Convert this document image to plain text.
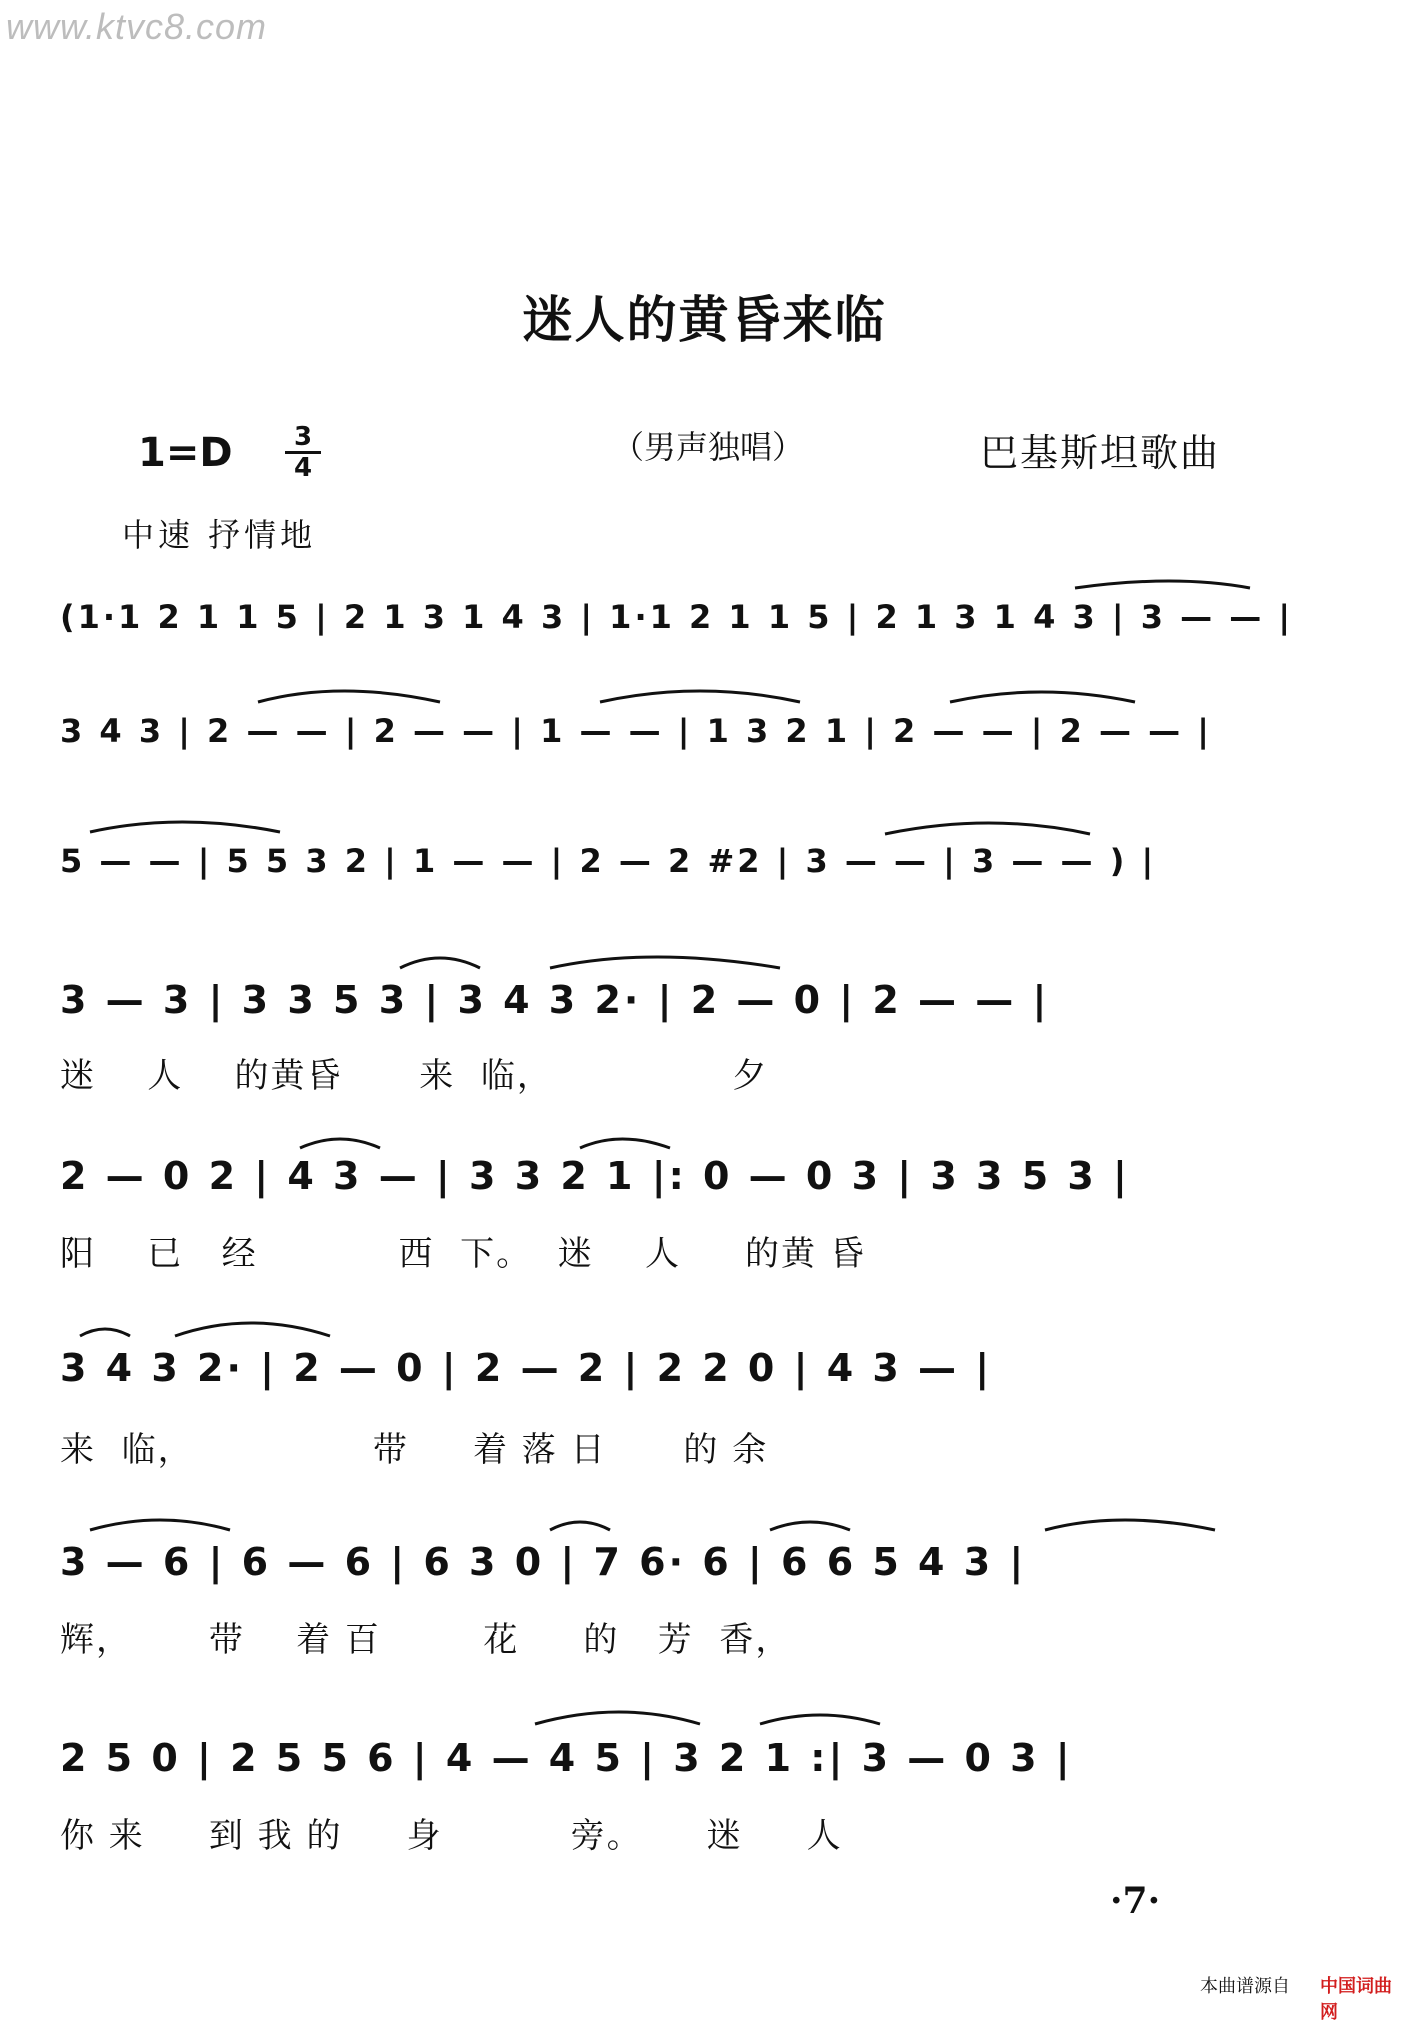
www.ktvc8.com
迷人的黄昏来临
1=D	3
4
（男声独唱）	巴基斯坦歌曲
中速 抒情地
(1·1 2 1 1 5 | 2 1 3 1 4 3 | 1·1 2 1 1 5 | 2 1 3 1 4 3 | 3 — — |
3 4 3 | 2 — — | 2 — — | 1 — — | 1 3 2 1 | 2 — — | 2 — — |
5 — — | 5 5 3 2 | 1 — — | 2 — 2 #2 | 3 — — | 3 — — ) |
3 — 3 | 3 3 5 3 | 3 4 3 2· | 2 — 0 | 2 — — |
迷    人    的黄昏      来  临，              夕
2 — 0 2 | 4 3 — | 3 3 2 1 |: 0 — 0 3 | 3 3 5 3 |
阳    已   经           西  下。  迷    人     的黄 昏
3 4 3 2· | 2 — 0 | 2 — 2 | 2 2 0 | 4 3 — |
来  临，              带     着 落 日      的 余
3 — 6 | 6 — 6 | 6 3 0 | 7 6· 6 | 6 6 5 4 3 |
辉，      带    着 百        花     的   芳  香，
2 5 0 | 2 5 5 6 | 4 — 4 5 | 3 2 1 :| 3 — 0 3 |
你 来     到 我 的     身          旁。     迷     人
·7·
本曲谱源自 中国词曲网
